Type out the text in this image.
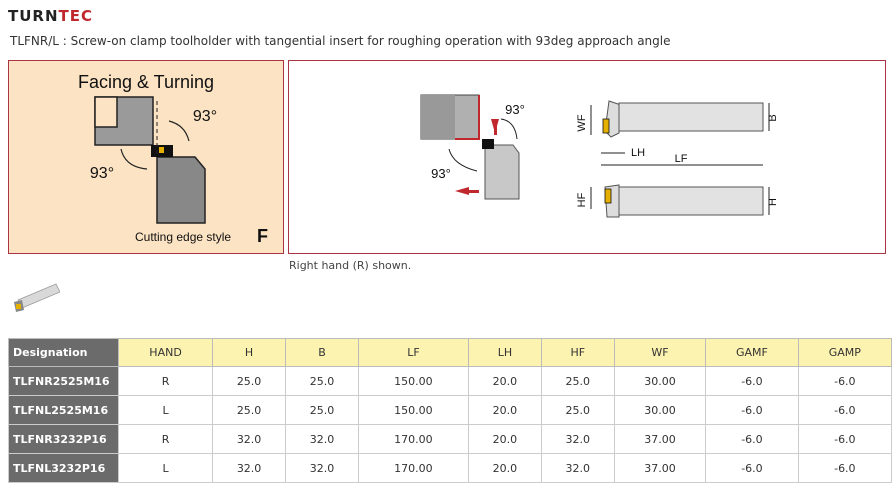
TURNTEC
TLFNR/L : Screw-on clamp toolholder with tangential insert for roughing operation with 93deg approach angle
Facing & Turning
93°
93°
Cutting edge style F
93°
93°
WF	B
LH	LF
HF	H
Right hand (R) shown.
Designation	HAND	H	B	LF	LH	HF	WF	GAMF	GAMP
TLFNR2525M16	R	25.0	25.0	150.00	20.0	25.0	30.00	-6.0	-6.0
TLFNL2525M16	L	25.0	25.0	150.00	20.0	25.0	30.00	-6.0	-6.0
TLFNR3232P16	R	32.0	32.0	170.00	20.0	32.0	37.00	-6.0	-6.0
TLFNL3232P16	L	32.0	32.0	170.00	20.0	32.0	37.00	-6.0	-6.0
